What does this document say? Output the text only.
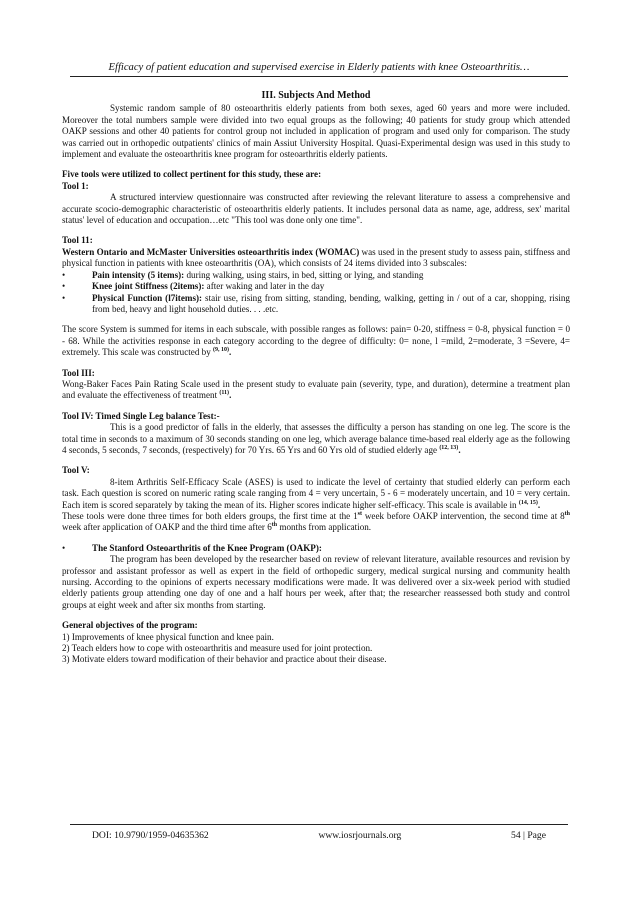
Efficacy of patient education and supervised exercise in Elderly patients with knee Osteoarthritis…

III. Subjects And Method

Systemic random sample of 80 osteoarthritis elderly patients from both sexes, aged 60 years and more were included. Moreover the total numbers sample were divided into two equal groups as the following; 40 patients for study group which attended OAKP sessions and other 40 patients for control group not included in application of program and used only for comparison. The study was carried out in orthopedic outpatients' clinics of main Assiut University Hospital. Quasi-Experimental design was used in this study to implement and evaluate the osteoarthritis knee program for osteoarthritis elderly patients.

Five tools were utilized to collect pertinent for this study, these are:

Tool 1:

A structured interview questionnaire was constructed after reviewing the relevant literature to assess a comprehensive and accurate scocio-demographic characteristic of osteoarthritis elderly patients. It includes personal data as name, age, address, sex' marital status' level of education and occupation…etc "This tool was done only one time".

Tool 11:

Western Ontario and McMaster Universities osteoarthritis index (WOMAC) was used in the present study to assess pain, stiffness and physical function in patients with knee osteoarthritis (OA), which consists of 24 items divided into 3 subscales:

•	Pain intensity (5 items): during walking, using stairs, in bed, sitting or lying, and standing
•	Knee joint Stiffness (2items): after waking and later in the day
•	Physical Function (l7items): stair use, rising from sitting, standing, bending, walking, getting in / out of a car, shopping, rising from bed, heavy and light household duties. . . .etc.

The score System is summed for items in each subscale, with possible ranges as follows: pain= 0-20, stiffness = 0-8, physical function = 0 - 68. While the activities response in each category according to the degree of difficulty: 0= none, l =mild, 2=moderate, 3 =Severe, 4= extremely. This scale was constructed by $^{(9, 10)}$.

Tool III:

Wong-Baker Faces Pain Rating Scale used in the present study to evaluate pain (severity, type, and duration), determine a treatment plan and evaluate the effectiveness of treatment $^{(11)}$.

Tool IV: Timed Single Leg balance Test:-

This is a good predictor of falls in the elderly, that assesses the difficulty a person has standing on one leg. The score is the total time in seconds to a maximum of 30 seconds standing on one leg, which average balance time-based real elderly age as the following 4 seconds, 5 seconds, 7 seconds, (respectively) for 70 Yrs. 65 Yrs and 60 Yrs old of studied elderly age $^{(12, 13)}$.

Tool V:

8-item Arthritis Self-Efficacy Scale (ASES) is used to indicate the level of certainty that studied elderly can perform each task. Each question is scored on numeric rating scale ranging from 4 = very uncertain, 5 - 6 = moderately uncertain, and 10 = very certain. Each item is scored separately by taking the mean of its. Higher scores indicate higher self-efficacy. This scale is available in $^{(14, 15)}$.

These tools were done three times for both elders groups, the first time at the 1st week before OAKP intervention, the second time at 8th week after application of OAKP and the third time after 6th months from application.

•	The Stanford Osteoarthritis of the Knee Program (OAKP):

The program has been developed by the researcher based on review of relevant literature, available resources and revision by professor and assistant professor as well as expert in the field of orthopedic surgery, medical surgical nursing and community health nursing. According to the opinions of experts necessary modifications were made. It was delivered over a six-week period with studied elderly patients group attending one day of one and a half hours per week, after that; the researcher reassessed both study and control groups at eight week and after six months from starting.

General objectives of the program:

1) Improvements of knee physical function and knee pain.

2) Teach elders how to cope with osteoarthritis and measure used for joint protection.

3) Motivate elders toward modification of their behavior and practice about their disease.

DOI: 10.9790/1959-04635362	www.iosrjournals.org	54 | Page
